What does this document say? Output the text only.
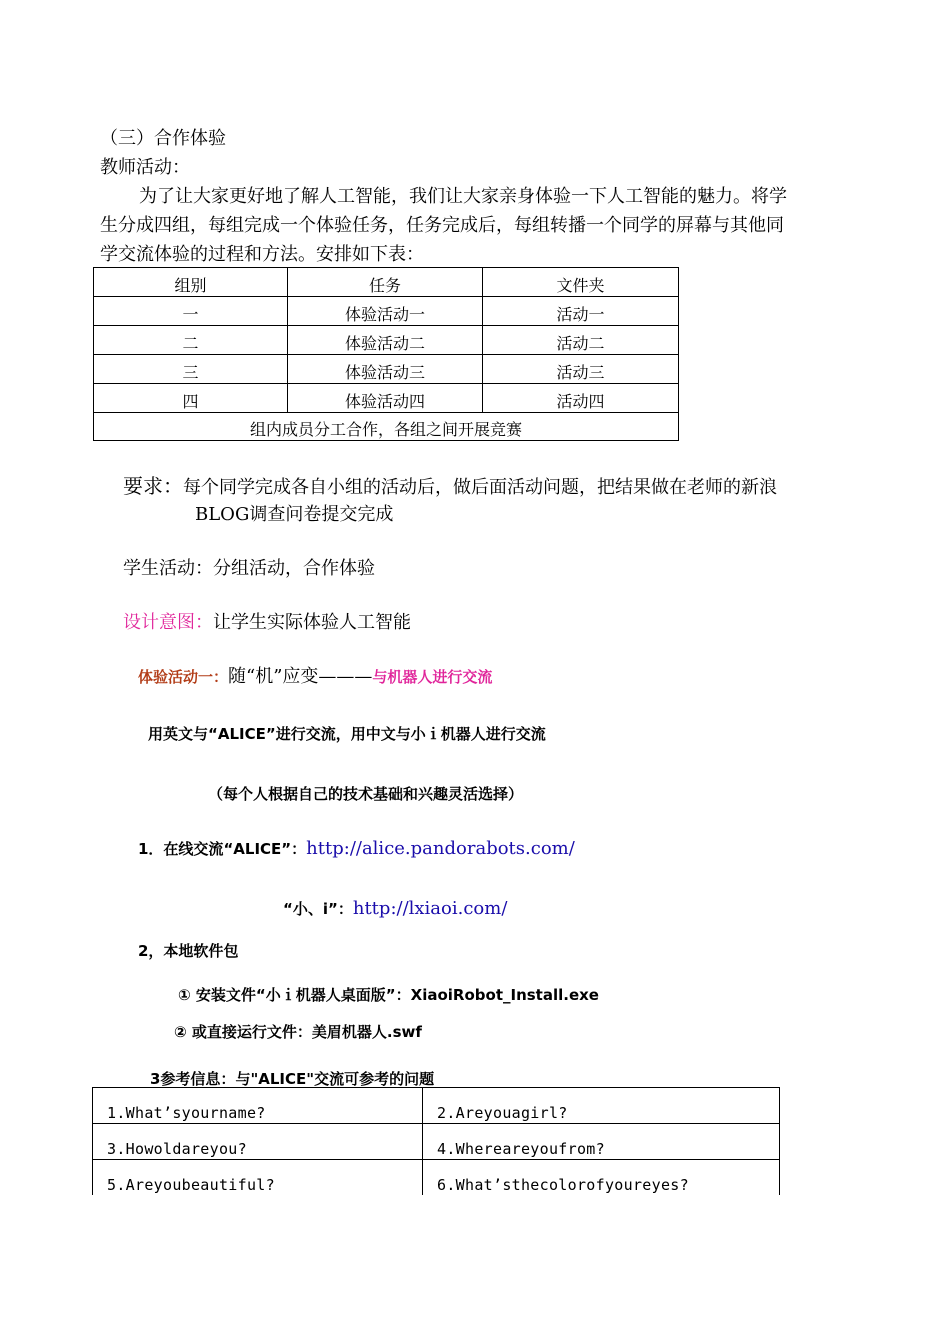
（三）合作体验
教师活动：
为了让大家更好地了解人工智能，我们让大家亲身体验一下人工智能的魅力。将学
生分成四组，每组完成一个体验任务，任务完成后，每组转播一个同学的屏幕与其他同
学交流体验的过程和方法。安排如下表：
组别	任务	文件夹
一	体验活动一	活动一
二	体验活动二	活动二
三	体验活动三	活动三
四	体验活动四	活动四
组内成员分工合作，各组之间开展竞赛		
要求：每个同学完成各自小组的活动后，做后面活动问题，把结果做在老师的新浪
BLOG调查问卷提交完成
学生活动：分组活动，合作体验
设计意图：让学生实际体验人工智能
体验活动一：随“机”应变———与机器人进行交流
用英文与“ALICE”进行交流，用中文与小ｉ机器人进行交流
（每个人根据自己的技术基础和兴趣灵活选择）
1．在线交流“ALICE”：http://alice.pandorabots.com/
“小、i”：http://lxiaoi.com/
2，本地软件包
① 安装文件“小ｉ机器人桌面版”：XiaoiRobot_Install.exe
② 或直接运行文件：美眉机器人.swf
3参考信息：与"ALICE"交流可参考的问题
1.What’syourname?	2.Areyouagirl?
3.Howoldareyou?	4.Whereareyoufrom?
5.Areyoubeautiful?	6.What’sthecolorofyoureyes?
